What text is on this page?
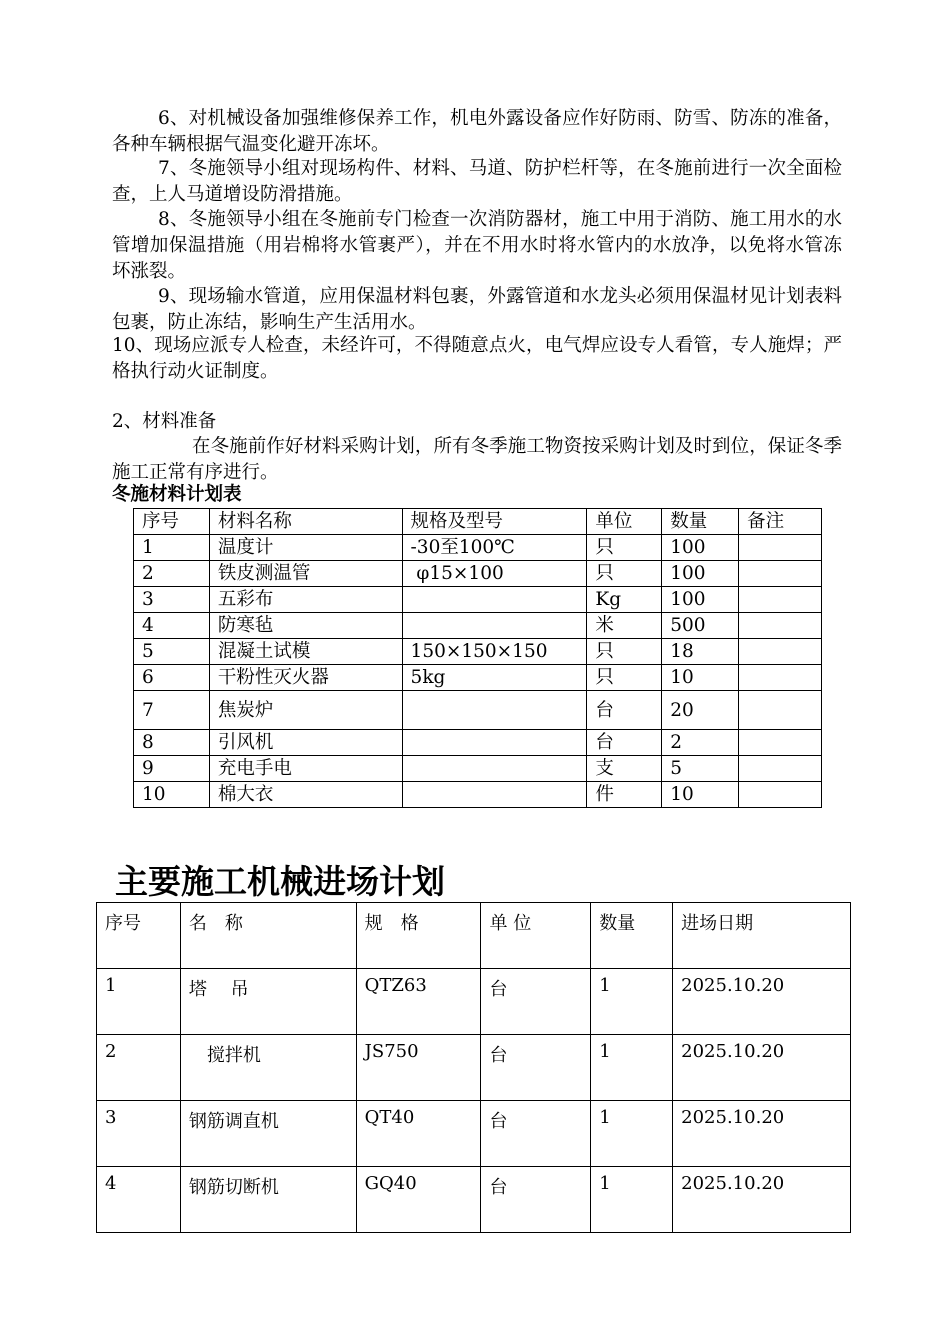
6、对机械设备加强维修保养工作，机电外露设备应作好防雨、防雪、防冻的准备，各种车辆根据气温变化避开冻坏。

7、冬施领导小组对现场构件、材料、马道、防护栏杆等，在冬施前进行一次全面检查，上人马道增设防滑措施。

8、冬施领导小组在冬施前专门检查一次消防器材，施工中用于消防、施工用水的水管增加保温措施（用岩棉将水管裹严），并在不用水时将水管内的水放净，以免将水管冻坏涨裂。

9、现场输水管道，应用保温材料包裹，外露管道和水龙头必须用保温材见计划表料包裹，防止冻结，影响生产生活用水。

10、现场应派专人检查，未经许可，不得随意点火，电气焊应设专人看管，专人施焊；严格执行动火证制度。

2、材料准备

在冬施前作好材料采购计划，所有冬季施工物资按采购计划及时到位，保证冬季施工正常有序进行。

冬施材料计划表

序号	材料名称	规格及型号	单位	数量	备注
1	温度计	-30至100℃	只	100	
2	铁皮测温管	φ15×100	只	100	
3	五彩布		Kg	100	
4	防寒毡		米	500	
5	混凝土试模	150×150×150	只	18	
6	干粉性灭火器	5kg	只	10	
7	焦炭炉		台	20	
8	引风机		台	2	
9	充电手电		支	5	
10	棉大衣		件	10	

主要施工机械进场计划

序号	名　称	规　格	单 位	数量	进场日期
1	塔　 吊	QTZ63	台	1	2025.10.20
2	　搅拌机	JS750	台	1	2025.10.20
3	钢筋调直机	QT40	台	1	2025.10.20
4	钢筋切断机	GQ40	台	1	2025.10.20
